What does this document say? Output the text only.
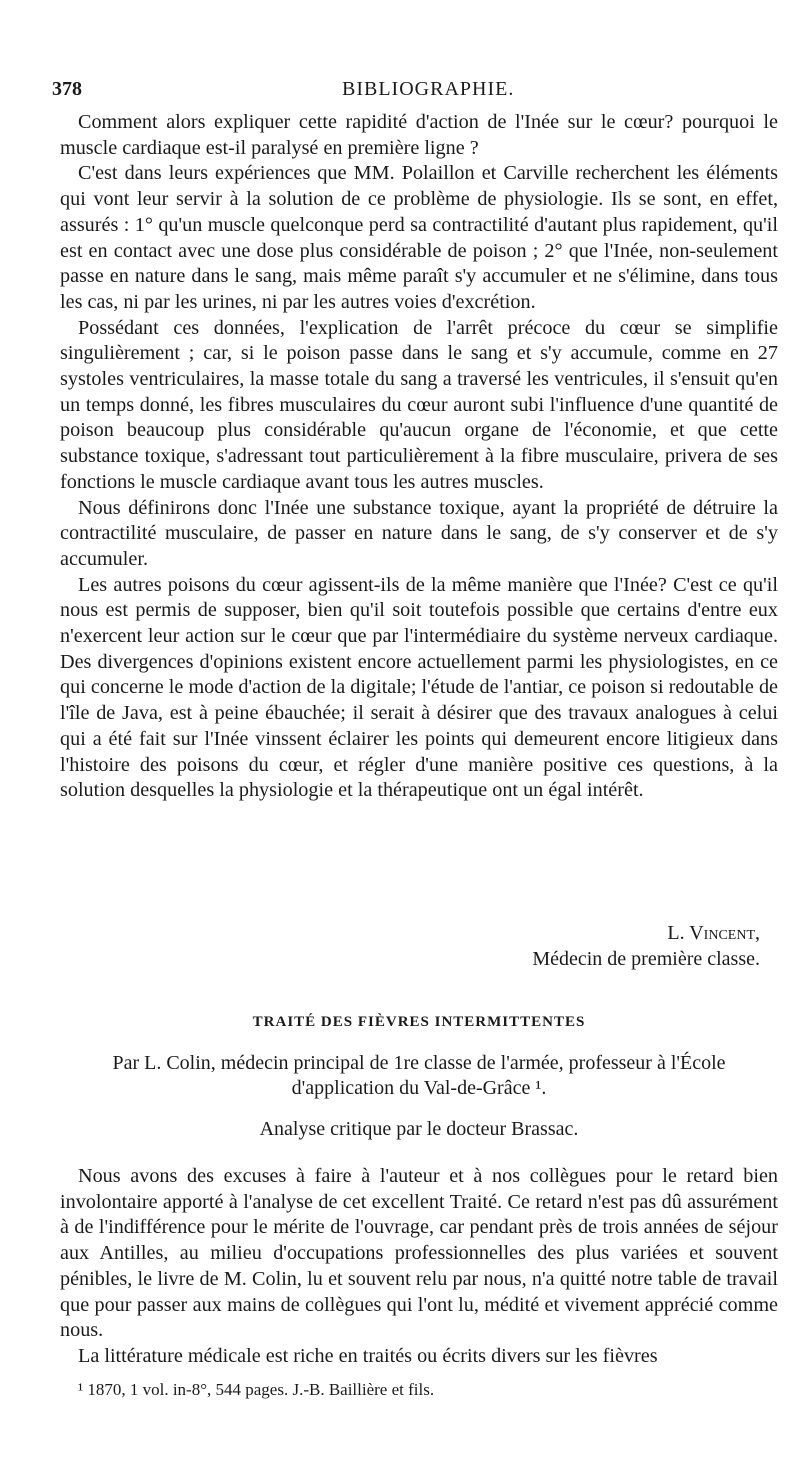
378	BIBLIOGRAPHIE.

Comment alors expliquer cette rapidité d'action de l'Inée sur le cœur? pourquoi le muscle cardiaque est-il paralysé en première ligne ?

C'est dans leurs expériences que MM. Polaillon et Carville recherchent les éléments qui vont leur servir à la solution de ce problème de physiologie. Ils se sont, en effet, assurés : 1° qu'un muscle quelconque perd sa contractilité d'autant plus rapidement, qu'il est en contact avec une dose plus considérable de poison ; 2° que l'Inée, non-seulement passe en nature dans le sang, mais même paraît s'y accumuler et ne s'élimine, dans tous les cas, ni par les urines, ni par les autres voies d'excrétion.

Possédant ces données, l'explication de l'arrêt précoce du cœur se simplifie singulièrement ; car, si le poison passe dans le sang et s'y accumule, comme en 27 systoles ventriculaires, la masse totale du sang a traversé les ventricules, il s'ensuit qu'en un temps donné, les fibres musculaires du cœur auront subi l'influence d'une quantité de poison beaucoup plus considérable qu'aucun organe de l'économie, et que cette substance toxique, s'adressant tout particulièrement à la fibre musculaire, privera de ses fonctions le muscle cardiaque avant tous les autres muscles.

Nous définirons donc l'Inée une substance toxique, ayant la propriété de détruire la contractilité musculaire, de passer en nature dans le sang, de s'y conserver et de s'y accumuler.

Les autres poisons du cœur agissent-ils de la même manière que l'Inée? C'est ce qu'il nous est permis de supposer, bien qu'il soit toutefois possible que certains d'entre eux n'exercent leur action sur le cœur que par l'intermédiaire du système nerveux cardiaque. Des divergences d'opinions existent encore actuellement parmi les physiologistes, en ce qui concerne le mode d'action de la digitale; l'étude de l'antiar, ce poison si redoutable de l'île de Java, est à peine ébauchée; il serait à désirer que des travaux analogues à celui qui a été fait sur l'Inée vinssent éclairer les points qui demeurent encore litigieux dans l'histoire des poisons du cœur, et régler d'une manière positive ces questions, à la solution desquelles la physiologie et la thérapeutique ont un égal intérêt.

L. Vincent,
Médecin de première classe.
TRAITÉ DES FIÈVRES INTERMITTENTES
Par L. Colin, médecin principal de 1re classe de l'armée, professeur à l'École
d'application du Val-de-Grâce ¹.
Analyse critique par le docteur Brassac.

Nous avons des excuses à faire à l'auteur et à nos collègues pour le retard bien involontaire apporté à l'analyse de cet excellent Traité. Ce retard n'est pas dû assurément à de l'indifférence pour le mérite de l'ouvrage, car pendant près de trois années de séjour aux Antilles, au milieu d'occupations professionnelles des plus variées et souvent pénibles, le livre de M. Colin, lu et souvent relu par nous, n'a quitté notre table de travail que pour passer aux mains de collègues qui l'ont lu, médité et vivement apprécié comme nous.

La littérature médicale est riche en traités ou écrits divers sur les fièvres

¹ 1870, 1 vol. in-8°, 544 pages. J.-B. Baillière et fils.
